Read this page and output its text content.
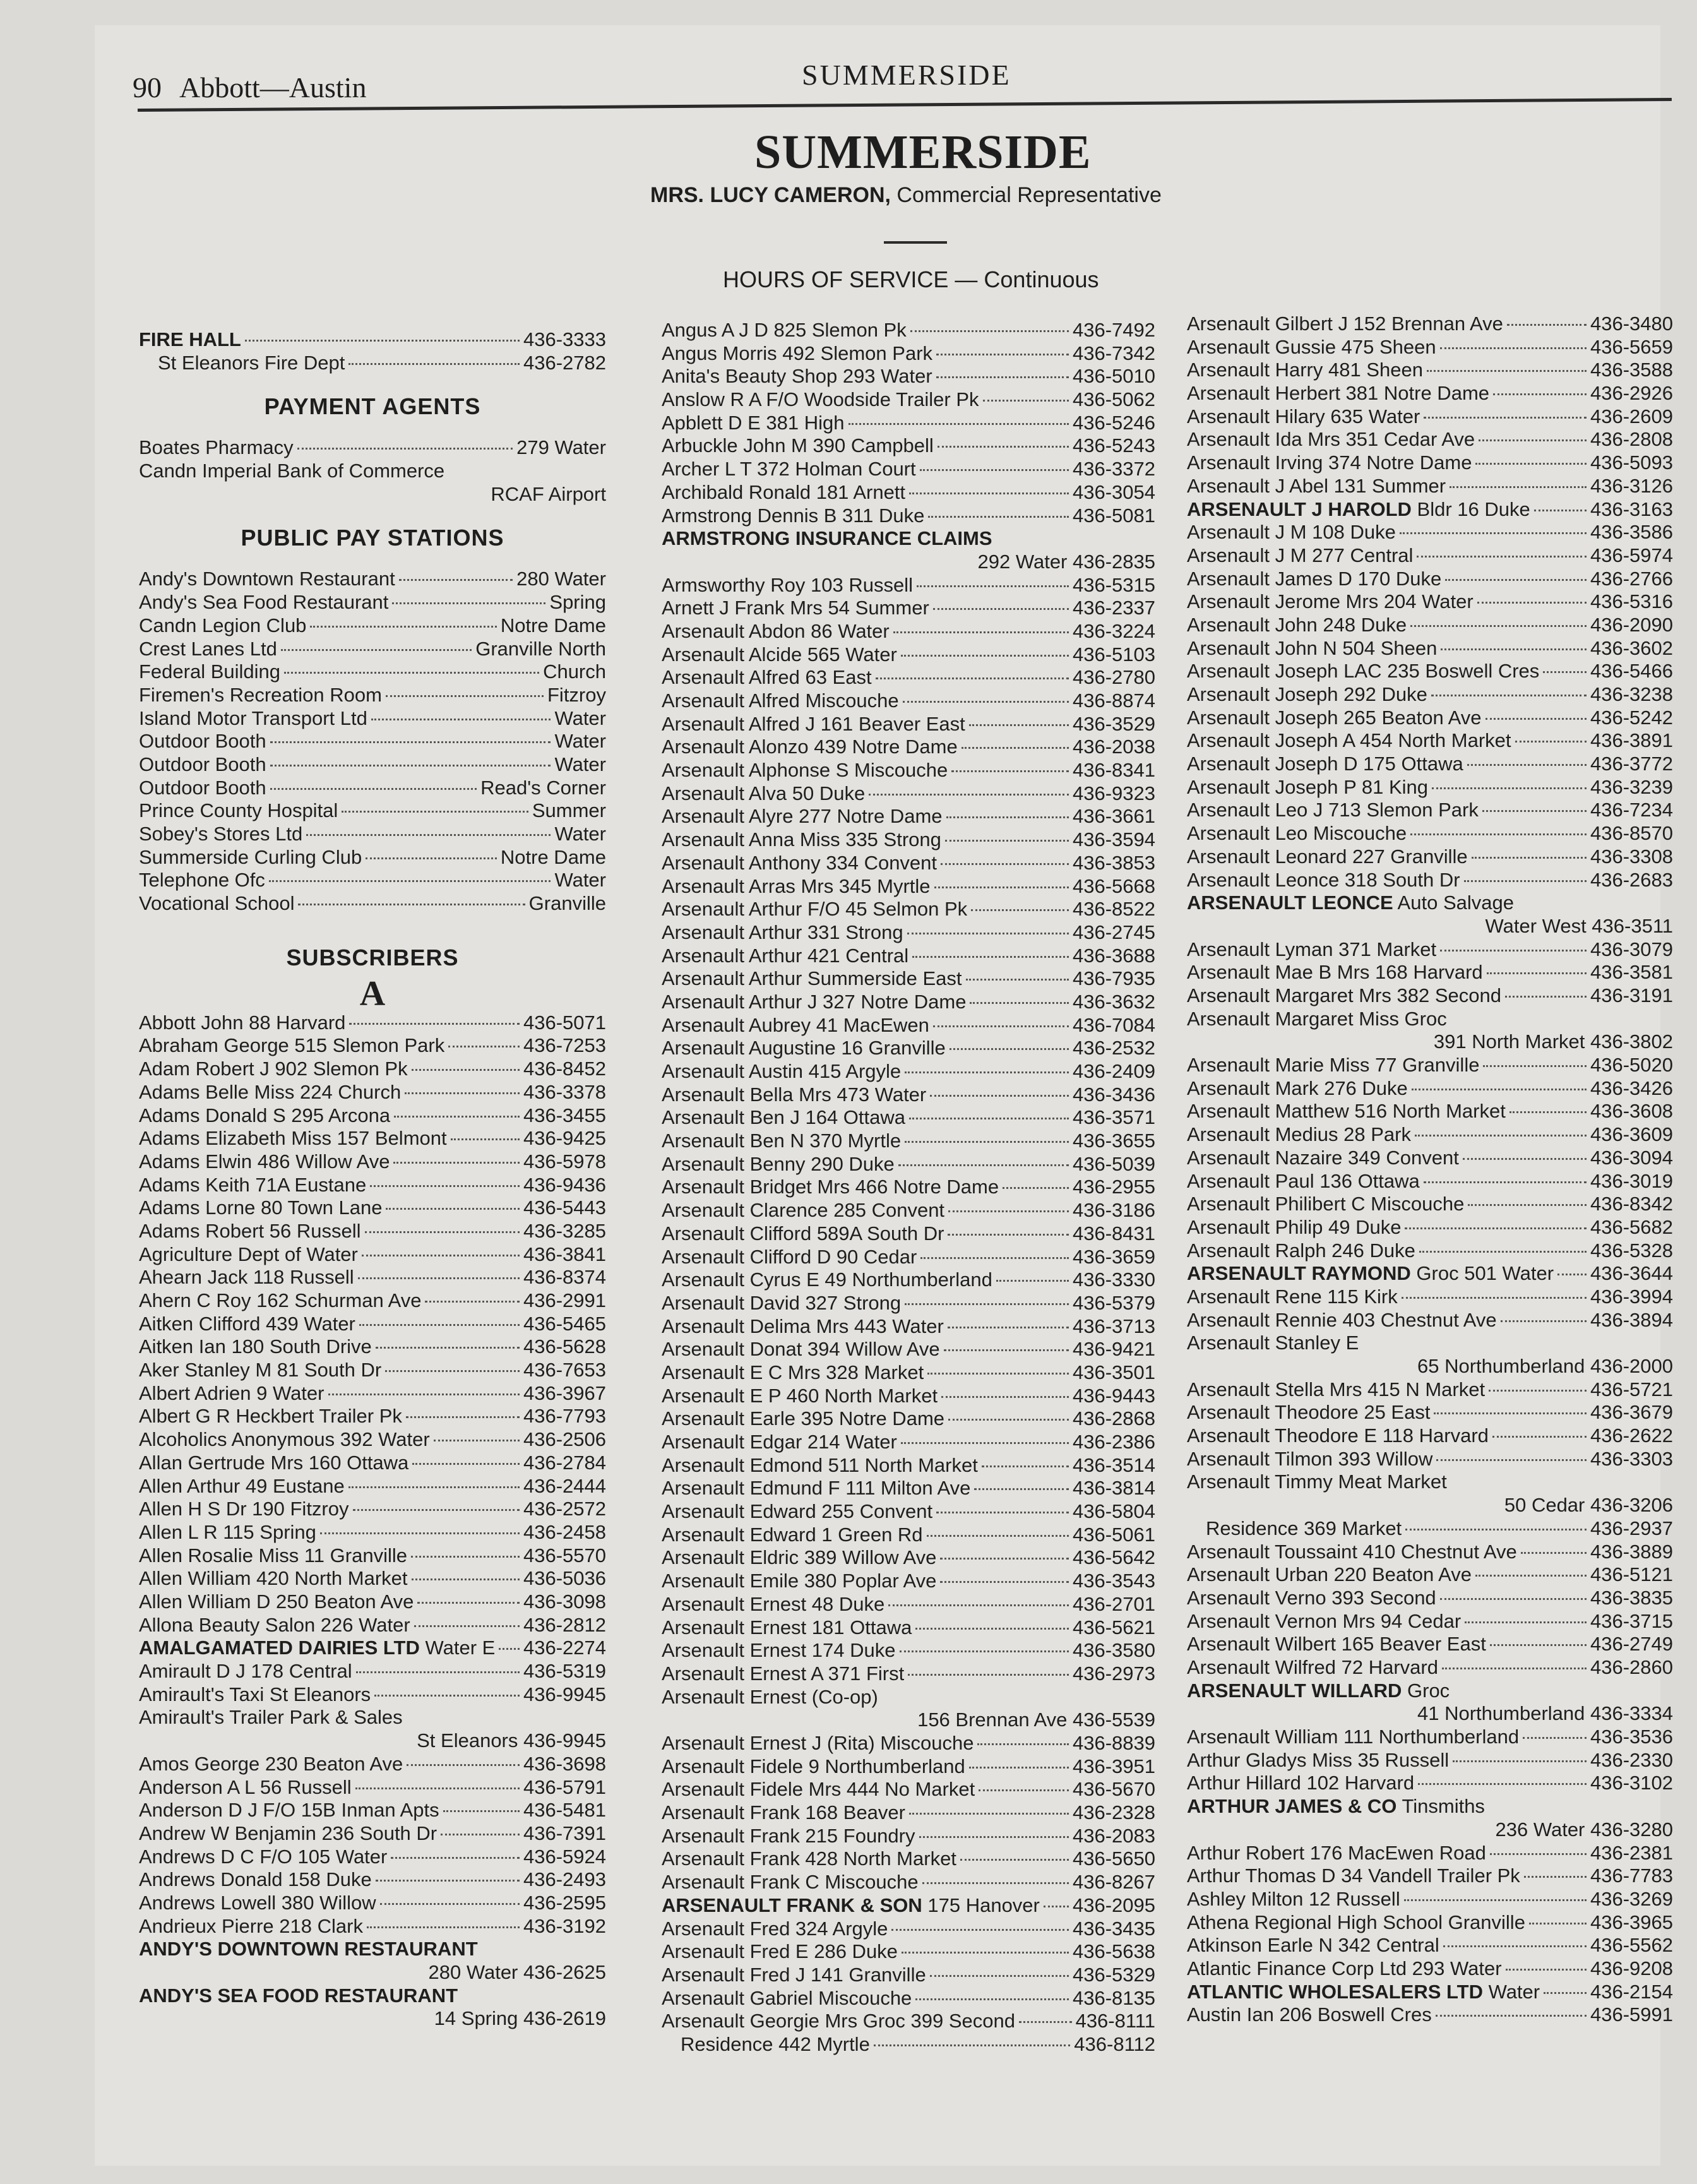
90 Abbott—Austin	SUMMERSIDE
SUMMERSIDE
MRS. LUCY CAMERON, Commercial Representative
HOURS OF SERVICE — Continuous
FIRE HALL	436-3333
St Eleanors Fire Dept	436-2782
PAYMENT AGENTS
Boates Pharmacy	279 Water
Candn Imperial Bank of Commerce
RCAF Airport
PUBLIC PAY STATIONS
Andy's Downtown Restaurant	280 Water
Andy's Sea Food Restaurant	Spring
Candn Legion Club	Notre Dame
Crest Lanes Ltd	Granville North
Federal Building	Church
Firemen's Recreation Room	Fitzroy
Island Motor Transport Ltd	Water
Outdoor Booth	Water
Outdoor Booth	Water
Outdoor Booth	Read's Corner
Prince County Hospital	Summer
Sobey's Stores Ltd	Water
Summerside Curling Club	Notre Dame
Telephone Ofc	Water
Vocational School	Granville
SUBSCRIBERS
A
Abbott John 88 Harvard	436-5071
Abraham George 515 Slemon Park	436-7253
Adam Robert J 902 Slemon Pk	436-8452
Adams Belle Miss 224 Church	436-3378
Adams Donald S 295 Arcona	436-3455
Adams Elizabeth Miss 157 Belmont	436-9425
Adams Elwin 486 Willow Ave	436-5978
Adams Keith 71A Eustane	436-9436
Adams Lorne 80 Town Lane	436-5443
Adams Robert 56 Russell	436-3285
Agriculture Dept of Water	436-3841
Ahearn Jack 118 Russell	436-8374
Ahern C Roy 162 Schurman Ave	436-2991
Aitken Clifford 439 Water	436-5465
Aitken Ian 180 South Drive	436-5628
Aker Stanley M 81 South Dr	436-7653
Albert Adrien 9 Water	436-3967
Albert G R Heckbert Trailer Pk	436-7793
Alcoholics Anonymous 392 Water	436-2506
Allan Gertrude Mrs 160 Ottawa	436-2784
Allen Arthur 49 Eustane	436-2444
Allen H S Dr 190 Fitzroy	436-2572
Allen L R 115 Spring	436-2458
Allen Rosalie Miss 11 Granville	436-5570
Allen William 420 North Market	436-5036
Allen William D 250 Beaton Ave	436-3098
Allona Beauty Salon 226 Water	436-2812
AMALGAMATED DAIRIES LTD Water E 436-2274
Amirault D J 178 Central	436-5319
Amirault's Taxi St Eleanors	436-9945
Amirault's Trailer Park & Sales
St Eleanors 436-9945
Amos George 230 Beaton Ave	436-3698
Anderson A L 56 Russell	436-5791
Anderson D J F/O 15B Inman Apts	436-5481
Andrew W Benjamin 236 South Dr	436-7391
Andrews D C F/O 105 Water	436-5924
Andrews Donald 158 Duke	436-2493
Andrews Lowell 380 Willow	436-2595
Andrieux Pierre 218 Clark	436-3192
ANDY'S DOWNTOWN RESTAURANT
280 Water 436-2625
ANDY'S SEA FOOD RESTAURANT
14 Spring 436-2619
Angus A J D 825 Slemon Pk	436-7492
Angus Morris 492 Slemon Park	436-7342
Anita's Beauty Shop 293 Water	436-5010
Anslow R A F/O Woodside Trailer Pk	436-5062
Apblett D E 381 High	436-5246
Arbuckle John M 390 Campbell	436-5243
Archer L T 372 Holman Court	436-3372
Archibald Ronald 181 Arnett	436-3054
Armstrong Dennis B 311 Duke	436-5081
ARMSTRONG INSURANCE CLAIMS
292 Water 436-2835
Armsworthy Roy 103 Russell	436-5315
Arnett J Frank Mrs 54 Summer	436-2337
Arsenault Abdon 86 Water	436-3224
Arsenault Alcide 565 Water	436-5103
Arsenault Alfred 63 East	436-2780
Arsenault Alfred Miscouche	436-8874
Arsenault Alfred J 161 Beaver East	436-3529
Arsenault Alonzo 439 Notre Dame	436-2038
Arsenault Alphonse S Miscouche	436-8341
Arsenault Alva 50 Duke	436-9323
Arsenault Alyre 277 Notre Dame	436-3661
Arsenault Anna Miss 335 Strong	436-3594
Arsenault Anthony 334 Convent	436-3853
Arsenault Arras Mrs 345 Myrtle	436-5668
Arsenault Arthur F/O 45 Selmon Pk	436-8522
Arsenault Arthur 331 Strong	436-2745
Arsenault Arthur 421 Central	436-3688
Arsenault Arthur Summerside East	436-7935
Arsenault Arthur J 327 Notre Dame	436-3632
Arsenault Aubrey 41 MacEwen	436-7084
Arsenault Augustine 16 Granville	436-2532
Arsenault Austin 415 Argyle	436-2409
Arsenault Bella Mrs 473 Water	436-3436
Arsenault Ben J 164 Ottawa	436-3571
Arsenault Ben N 370 Myrtle	436-3655
Arsenault Benny 290 Duke	436-5039
Arsenault Bridget Mrs 466 Notre Dame	436-2955
Arsenault Clarence 285 Convent	436-3186
Arsenault Clifford 589A South Dr	436-8431
Arsenault Clifford D 90 Cedar	436-3659
Arsenault Cyrus E 49 Northumberland	436-3330
Arsenault David 327 Strong	436-5379
Arsenault Delima Mrs 443 Water	436-3713
Arsenault Donat 394 Willow Ave	436-9421
Arsenault E C Mrs 328 Market	436-3501
Arsenault E P 460 North Market	436-9443
Arsenault Earle 395 Notre Dame	436-2868
Arsenault Edgar 214 Water	436-2386
Arsenault Edmond 511 North Market	436-3514
Arsenault Edmund F 111 Milton Ave	436-3814
Arsenault Edward 255 Convent	436-5804
Arsenault Edward 1 Green Rd	436-5061
Arsenault Eldric 389 Willow Ave	436-5642
Arsenault Emile 380 Poplar Ave	436-3543
Arsenault Ernest 48 Duke	436-2701
Arsenault Ernest 181 Ottawa	436-5621
Arsenault Ernest 174 Duke	436-3580
Arsenault Ernest A 371 First	436-2973
Arsenault Ernest (Co-op)
156 Brennan Ave 436-5539
Arsenault Ernest J (Rita) Miscouche	436-8839
Arsenault Fidele 9 Northumberland	436-3951
Arsenault Fidele Mrs 444 No Market	436-5670
Arsenault Frank 168 Beaver	436-2328
Arsenault Frank 215 Foundry	436-2083
Arsenault Frank 428 North Market	436-5650
Arsenault Frank C Miscouche	436-8267
ARSENAULT FRANK & SON 175 Hanover 436-2095
Arsenault Fred 324 Argyle	436-3435
Arsenault Fred E 286 Duke	436-5638
Arsenault Fred J 141 Granville	436-5329
Arsenault Gabriel Miscouche	436-8135
Arsenault Georgie Mrs Groc 399 Second	436-8111
Residence 442 Myrtle	436-8112
Arsenault Gilbert J 152 Brennan Ave	436-3480
Arsenault Gussie 475 Sheen	436-5659
Arsenault Harry 481 Sheen	436-3588
Arsenault Herbert 381 Notre Dame	436-2926
Arsenault Hilary 635 Water	436-2609
Arsenault Ida Mrs 351 Cedar Ave	436-2808
Arsenault Irving 374 Notre Dame	436-5093
Arsenault J Abel 131 Summer	436-3126
ARSENAULT J HAROLD Bldr 16 Duke	436-3163
Arsenault J M 108 Duke	436-3586
Arsenault J M 277 Central	436-5974
Arsenault James D 170 Duke	436-2766
Arsenault Jerome Mrs 204 Water	436-5316
Arsenault John 248 Duke	436-2090
Arsenault John N 504 Sheen	436-3602
Arsenault Joseph LAC 235 Boswell Cres	436-5466
Arsenault Joseph 292 Duke	436-3238
Arsenault Joseph 265 Beaton Ave	436-5242
Arsenault Joseph A 454 North Market	436-3891
Arsenault Joseph D 175 Ottawa	436-3772
Arsenault Joseph P 81 King	436-3239
Arsenault Leo J 713 Slemon Park	436-7234
Arsenault Leo Miscouche	436-8570
Arsenault Leonard 227 Granville	436-3308
Arsenault Leonce 318 South Dr	436-2683
ARSENAULT LEONCE Auto Salvage
Water West 436-3511
Arsenault Lyman 371 Market	436-3079
Arsenault Mae B Mrs 168 Harvard	436-3581
Arsenault Margaret Mrs 382 Second	436-3191
Arsenault Margaret Miss Groc
391 North Market 436-3802
Arsenault Marie Miss 77 Granville	436-5020
Arsenault Mark 276 Duke	436-3426
Arsenault Matthew 516 North Market	436-3608
Arsenault Medius 28 Park	436-3609
Arsenault Nazaire 349 Convent	436-3094
Arsenault Paul 136 Ottawa	436-3019
Arsenault Philibert C Miscouche	436-8342
Arsenault Philip 49 Duke	436-5682
Arsenault Ralph 246 Duke	436-5328
ARSENAULT RAYMOND Groc 501 Water 436-3644
Arsenault Rene 115 Kirk	436-3994
Arsenault Rennie 403 Chestnut Ave	436-3894
Arsenault Stanley E
65 Northumberland 436-2000
Arsenault Stella Mrs 415 N Market	436-5721
Arsenault Theodore 25 East	436-3679
Arsenault Theodore E 118 Harvard	436-2622
Arsenault Tilmon 393 Willow	436-3303
Arsenault Timmy Meat Market
50 Cedar 436-3206
Residence 369 Market	436-2937
Arsenault Toussaint 410 Chestnut Ave	436-3889
Arsenault Urban 220 Beaton Ave	436-5121
Arsenault Verno 393 Second	436-3835
Arsenault Vernon Mrs 94 Cedar	436-3715
Arsenault Wilbert 165 Beaver East	436-2749
Arsenault Wilfred 72 Harvard	436-2860
ARSENAULT WILLARD Groc
41 Northumberland 436-3334
Arsenault William 111 Northumberland	436-3536
Arthur Gladys Miss 35 Russell	436-2330
Arthur Hillard 102 Harvard	436-3102
ARTHUR JAMES & CO Tinsmiths
236 Water 436-3280
Arthur Robert 176 MacEwen Road	436-2381
Arthur Thomas D 34 Vandell Trailer Pk	436-7783
Ashley Milton 12 Russell	436-3269
Athena Regional High School Granville	436-3965
Atkinson Earle N 342 Central	436-5562
Atlantic Finance Corp Ltd 293 Water	436-9208
ATLANTIC WHOLESALERS LTD Water	436-2154
Austin Ian 206 Boswell Cres	436-5991
